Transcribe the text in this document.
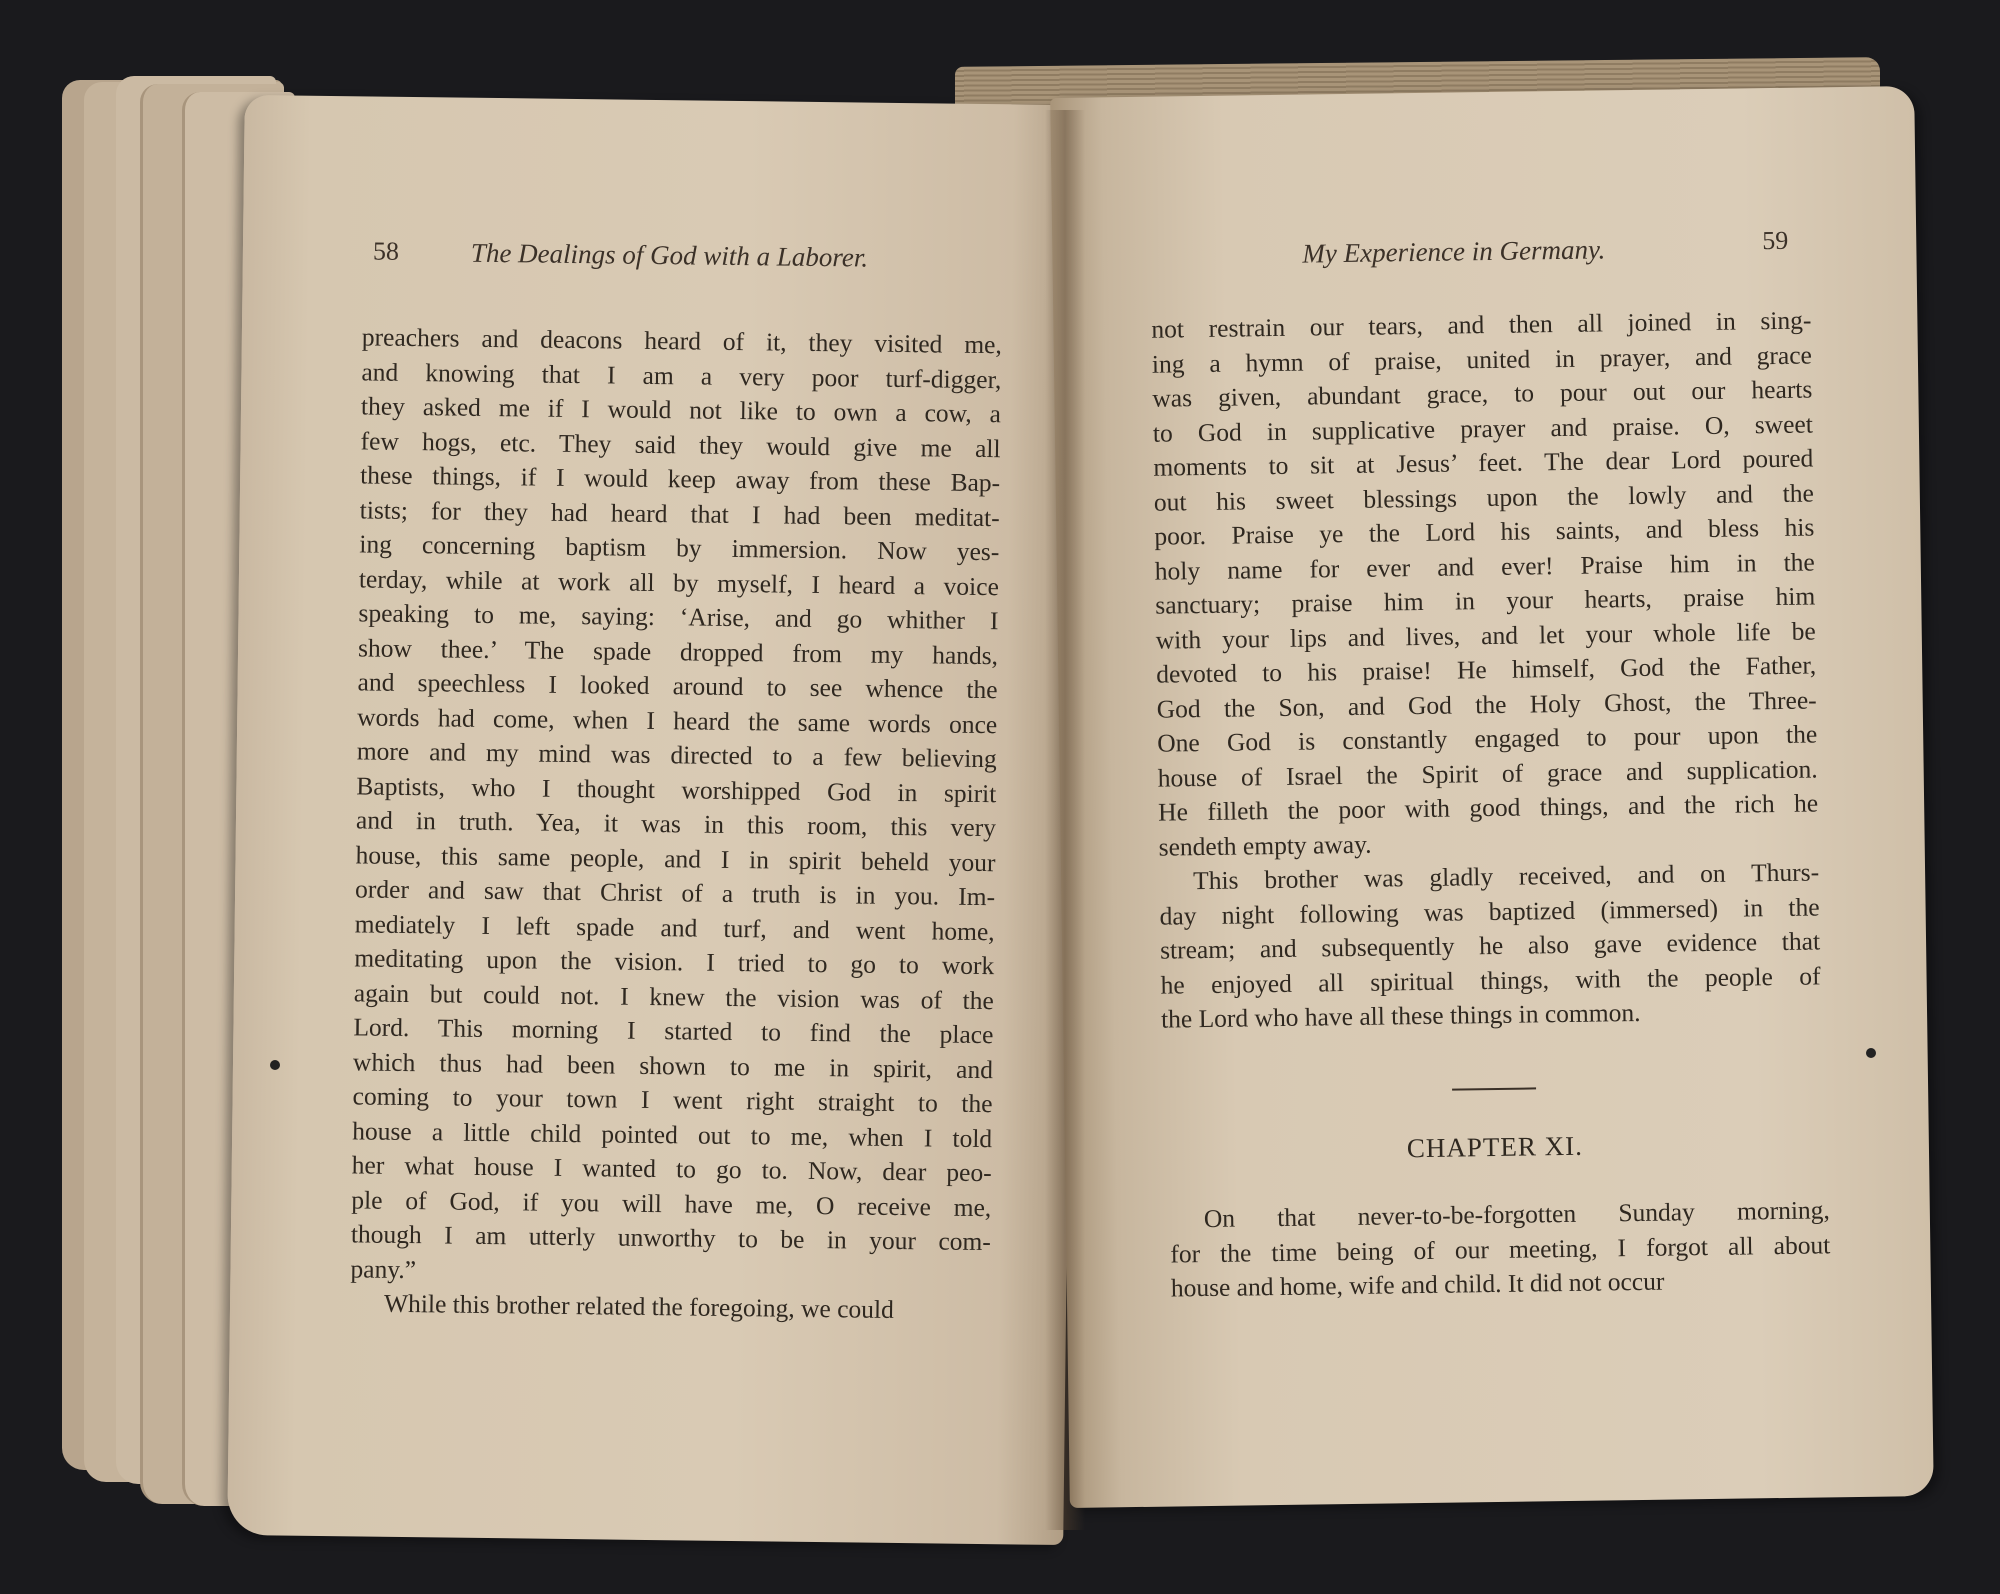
58	The Dealings of God with a Laborer.
preachers and deacons heard of it, they visited me,
and knowing that I am a very poor turf-digger,
they asked me if I would not like to own a cow, a
few hogs, etc. They said they would give me all
these things, if I would keep away from these Bap-
tists; for they had heard that I had been meditat-
ing concerning baptism by immersion. Now yes-
terday, while at work all by myself, I heard a voice
speaking to me, saying: ‘Arise, and go whither I
show thee.’ The spade dropped from my hands,
and speechless I looked around to see whence the
words had come, when I heard the same words once
more and my mind was directed to a few believing
Baptists, who I thought worshipped God in spirit
and in truth. Yea, it was in this room, this very
house, this same people, and I in spirit beheld your
order and saw that Christ of a truth is in you. Im-
mediately I left spade and turf, and went home,
meditating upon the vision. I tried to go to work
again but could not. I knew the vision was of the
Lord. This morning I started to find the place
which thus had been shown to me in spirit, and
coming to your town I went right straight to the
house a little child pointed out to me, when I told
her what house I wanted to go to. Now, dear peo-
ple of God, if you will have me, O receive me,
though I am utterly unworthy to be in your com-
pany.”
While this brother related the foregoing, we could
My Experience in Germany.	59
not restrain our tears, and then all joined in sing-
ing a hymn of praise, united in prayer, and grace
was given, abundant grace, to pour out our hearts
to God in supplicative prayer and praise. O, sweet
moments to sit at Jesus’ feet. The dear Lord poured
out his sweet blessings upon the lowly and the
poor. Praise ye the Lord his saints, and bless his
holy name for ever and ever! Praise him in the
sanctuary; praise him in your hearts, praise him
with your lips and lives, and let your whole life be
devoted to his praise! He himself, God the Father,
God the Son, and God the Holy Ghost, the Three-
One God is constantly engaged to pour upon the
house of Israel the Spirit of grace and supplication.
He filleth the poor with good things, and the rich he
sendeth empty away.
This brother was gladly received, and on Thurs-
day night following was baptized (immersed) in the
stream; and subsequently he also gave evidence that
he enjoyed all spiritual things, with the people of
the Lord who have all these things in common.
CHAPTER XI.
On that never-to-be-forgotten Sunday morning,
for the time being of our meeting, I forgot all about
house and home, wife and child. It did not occur
